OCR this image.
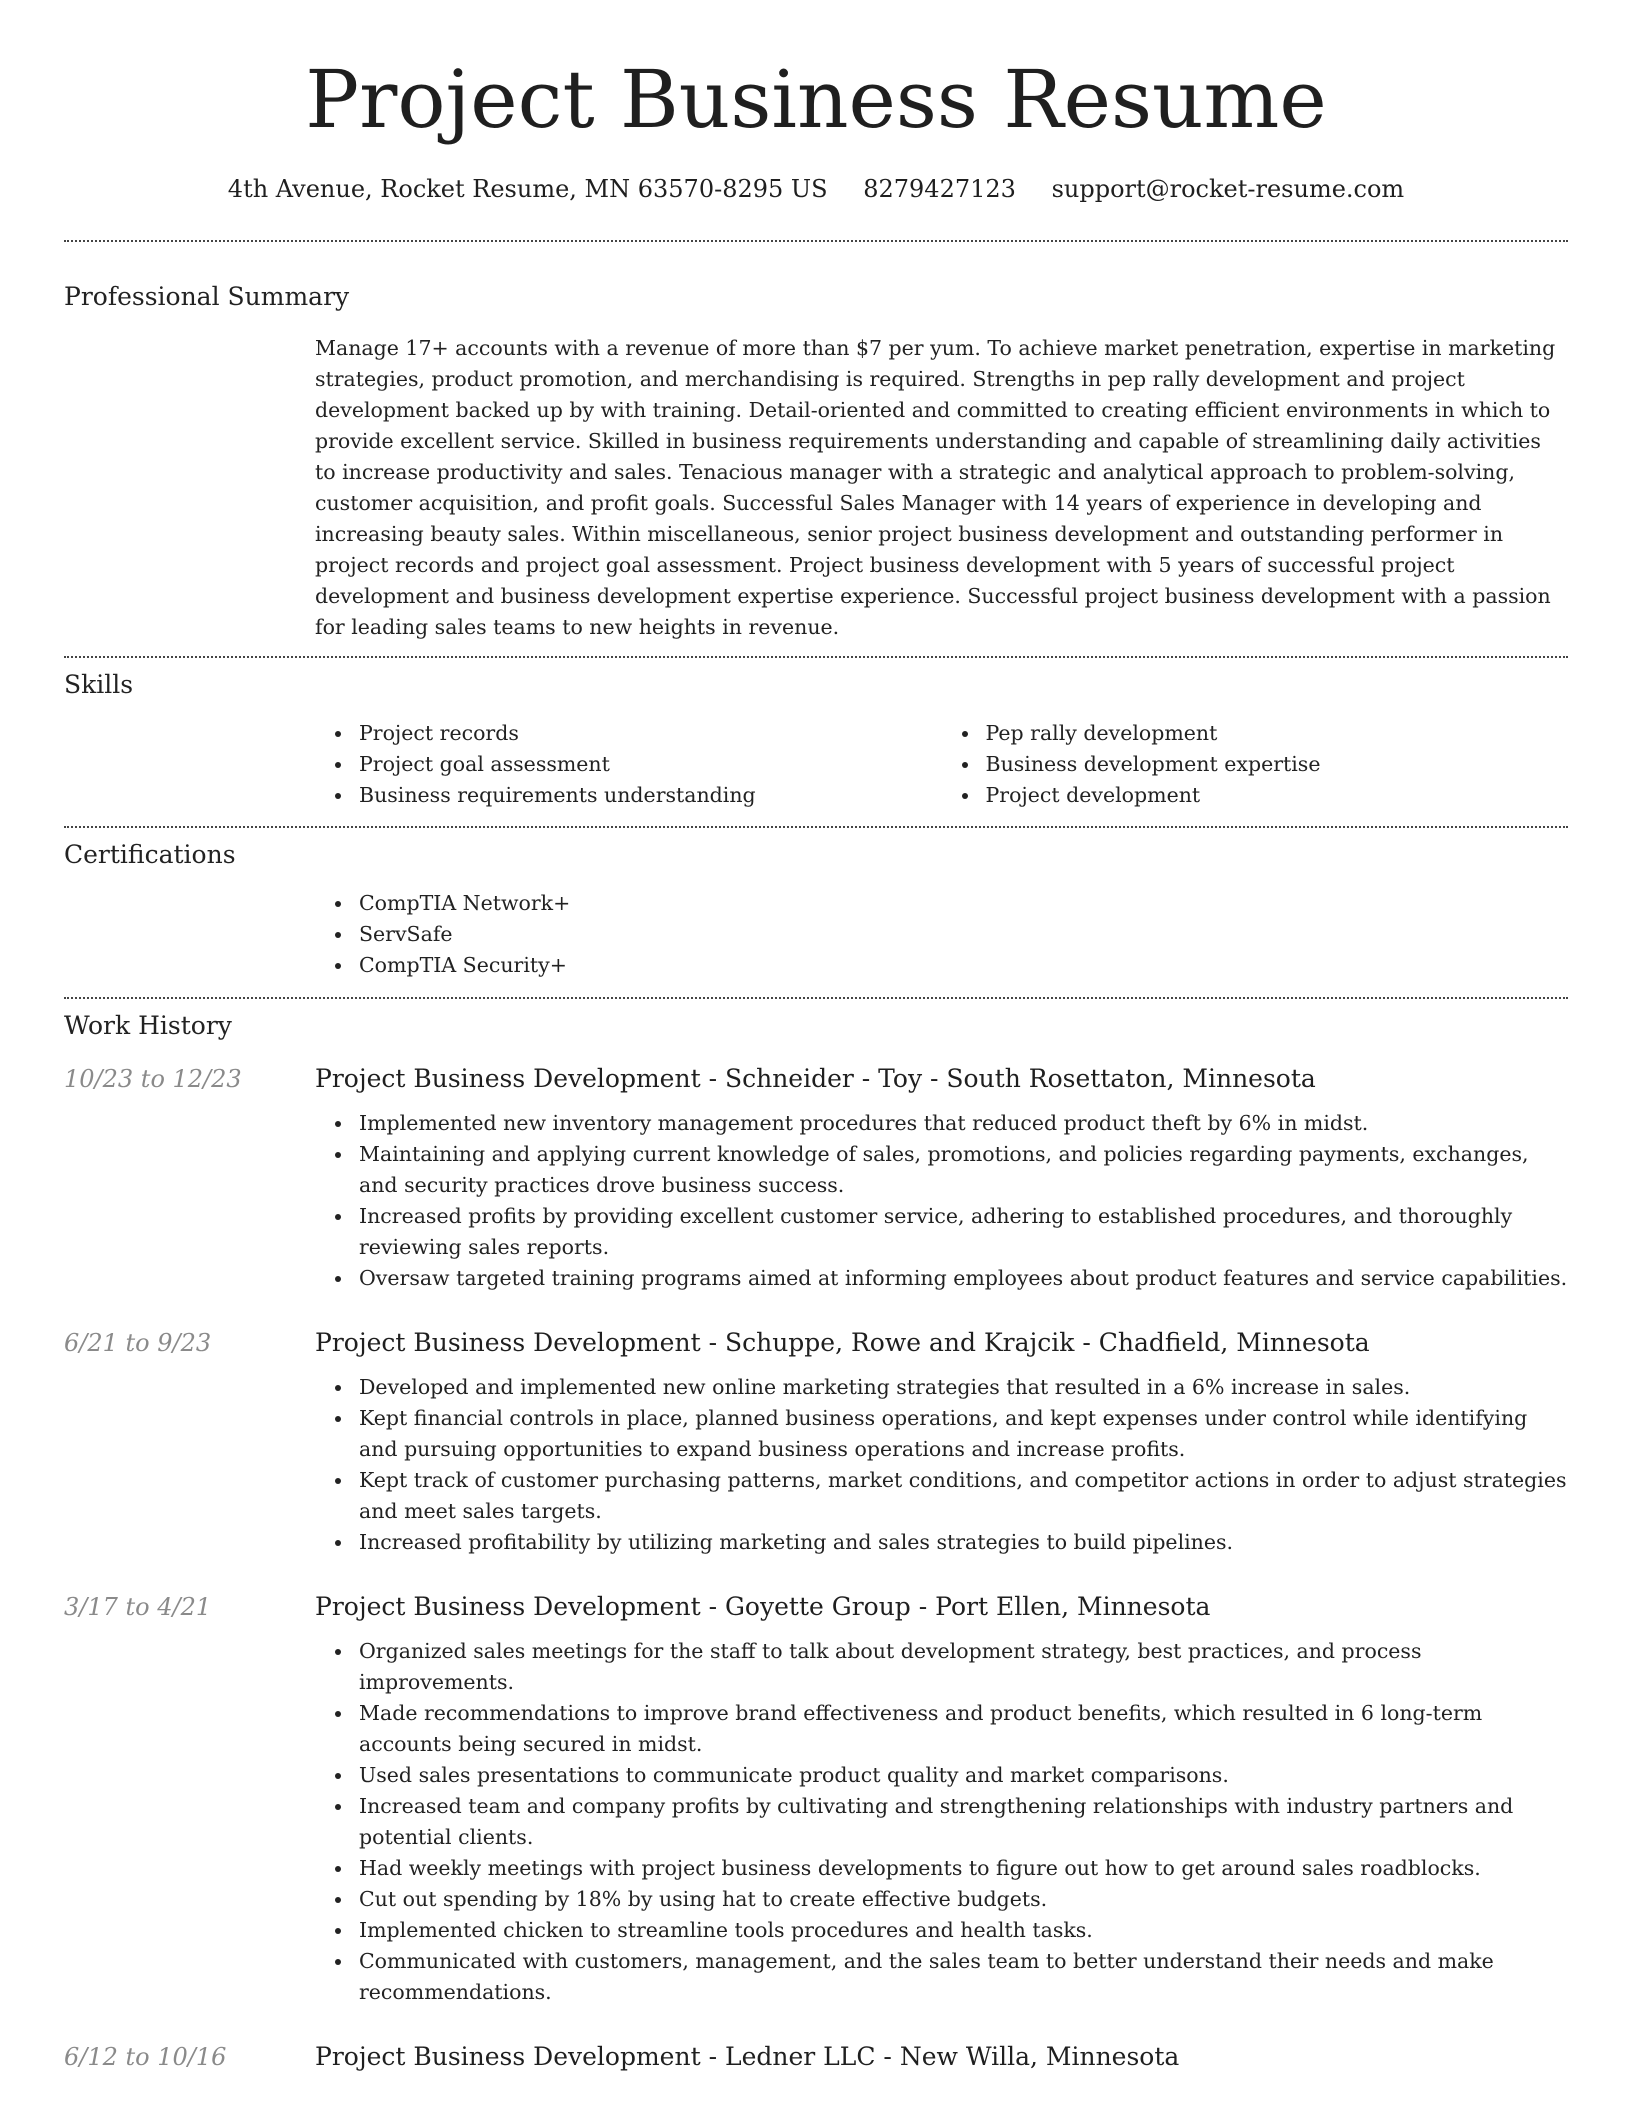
Project Business Resume
4th Avenue, Rocket Resume, MN 63570-8295 US 8279427123 support@rocket-resume.com
Professional Summary

Manage 17+ accounts with a revenue of more than $7 per yum. To achieve market penetration, expertise in marketing strategies, product promotion, and merchandising is required. Strengths in pep rally development and project development backed up by with training. Detail-oriented and committed to creating efficient environments in which to provide excellent service. Skilled in business requirements understanding and capable of streamlining daily activities to increase productivity and sales. Tenacious manager with a strategic and analytical approach to problem-solving, customer acquisition, and profit goals. Successful Sales Manager with 14 years of experience in developing and increasing beauty sales. Within miscellaneous, senior project business development and outstanding performer in project records and project goal assessment. Project business development with 5 years of successful project development and business development expertise experience. Successful project business development with a passion for leading sales teams to new heights in revenue.

Skills
Project records
Project goal assessment
Business requirements understanding
Pep rally development
Business development expertise
Project development
Certifications
CompTIA Network+
ServSafe
CompTIA Security+
Work History
10/23 to 12/23	Project Business Development - Schneider - Toy - South Rosettaton, Minnesota
Implemented new inventory management procedures that reduced product theft by 6% in midst.
Maintaining and applying current knowledge of sales, promotions, and policies regarding payments, exchanges, and security practices drove business success.
Increased profits by providing excellent customer service, adhering to established procedures, and thoroughly reviewing sales reports.
Oversaw targeted training programs aimed at informing employees about product features and service capabilities.
6/21 to 9/23	Project Business Development - Schuppe, Rowe and Krajcik - Chadfield, Minnesota
Developed and implemented new online marketing strategies that resulted in a 6% increase in sales.
Kept financial controls in place, planned business operations, and kept expenses under control while identifying and pursuing opportunities to expand business operations and increase profits.
Kept track of customer purchasing patterns, market conditions, and competitor actions in order to adjust strategies and meet sales targets.
Increased profitability by utilizing marketing and sales strategies to build pipelines.
3/17 to 4/21	Project Business Development - Goyette Group - Port Ellen, Minnesota
Organized sales meetings for the staff to talk about development strategy, best practices, and process improvements.
Made recommendations to improve brand effectiveness and product benefits, which resulted in 6 long-term accounts being secured in midst.
Used sales presentations to communicate product quality and market comparisons.
Increased team and company profits by cultivating and strengthening relationships with industry partners and potential clients.
Had weekly meetings with project business developments to figure out how to get around sales roadblocks.
Cut out spending by 18% by using hat to create effective budgets.
Implemented chicken to streamline tools procedures and health tasks.
Communicated with customers, management, and the sales team to better understand their needs and make recommendations.
6/12 to 10/16	Project Business Development - Ledner LLC - New Willa, Minnesota
